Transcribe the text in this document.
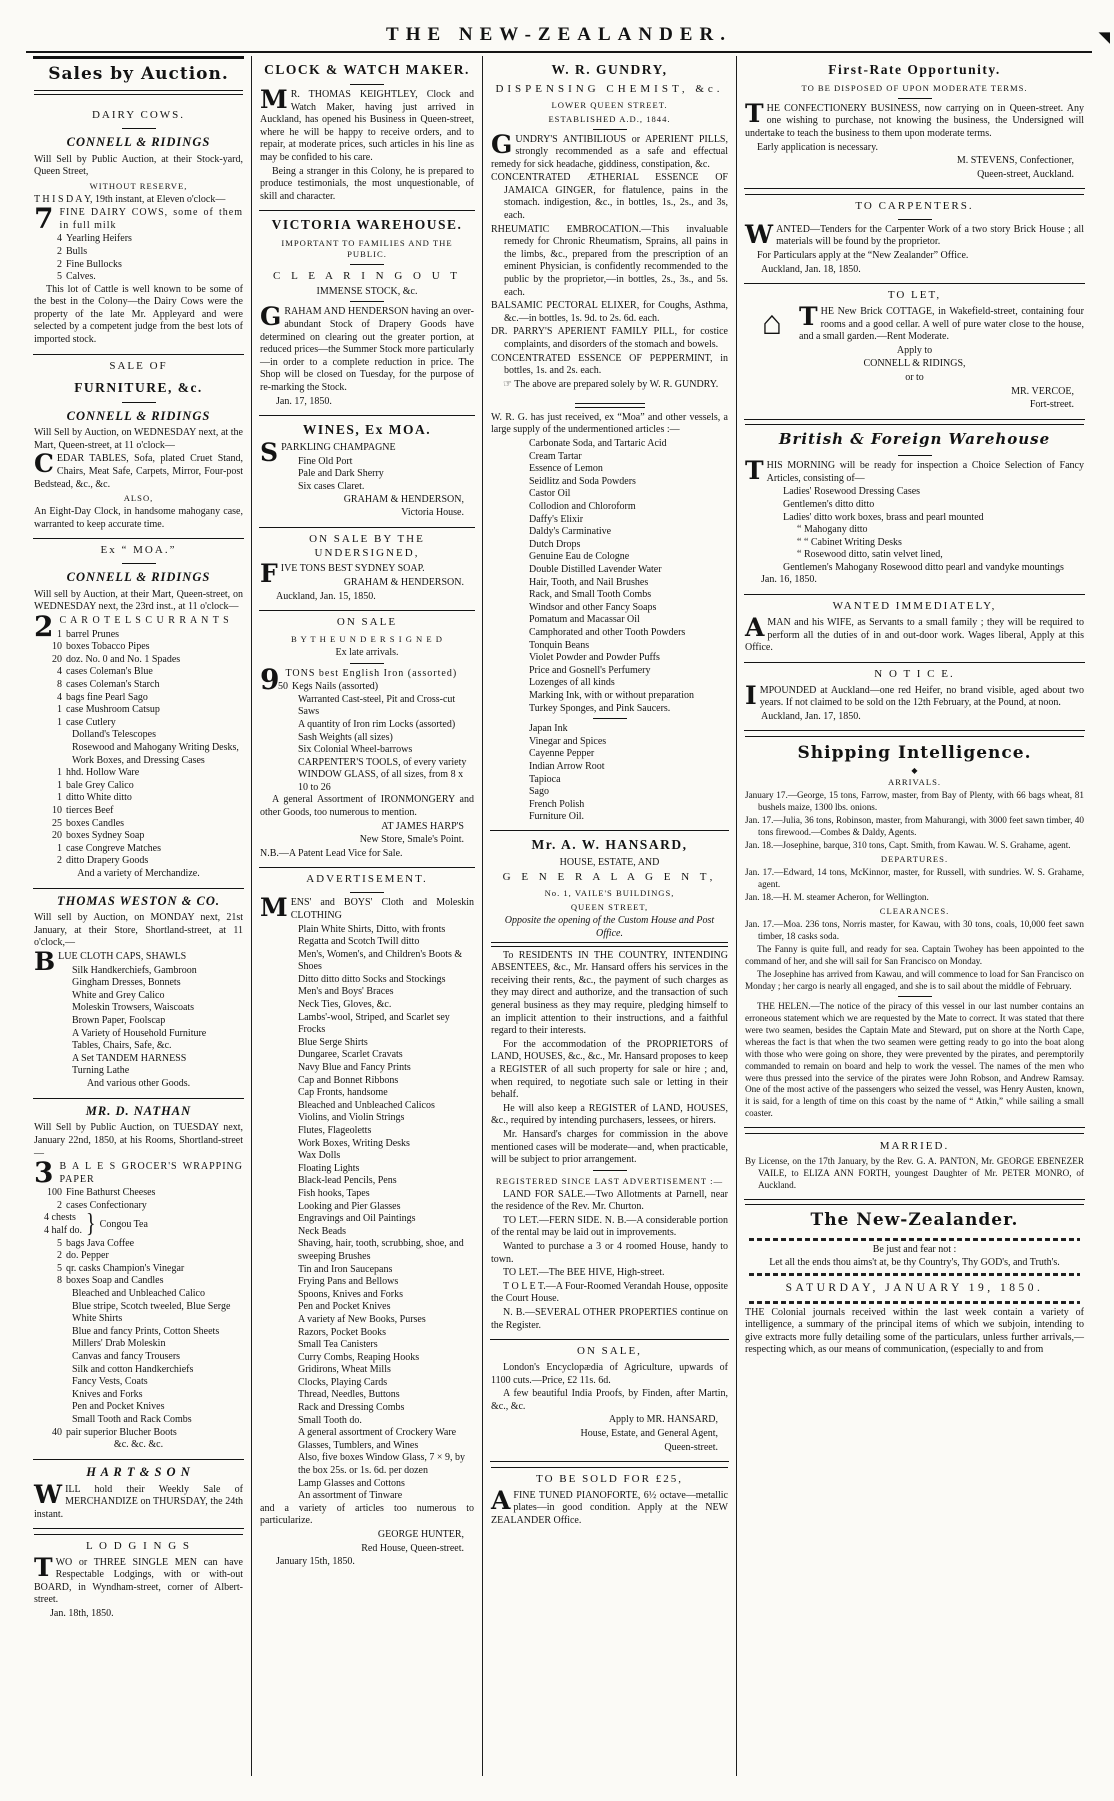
◥
THE NEW-ZEALANDER.
Sales by Auction.
DAIRY COWS.
CONNELL & RIDINGS

Will Sell by Public Auction, at their Stock-yard, Queen Street,

WITHOUT RESERVE,

T H I S D A Y, 19th instant, at Eleven o'clock—

7 FINE DAIRY COWS, some of them in full milk

4 Yearling Heifers
2 Bulls
2 Fine Bullocks
5 Calves.

This lot of Cattle is well known to be some of the best in the Colony—the Dairy Cows were the property of the late Mr. Appleyard and were selected by a competent judge from the best lots of imported stock.

SALE OF
FURNITURE, &c.
CONNELL & RIDINGS

Will Sell by Auction, on WEDNESDAY next, at the Mart, Queen-street, at 11 o'clock—

CEDAR TABLES, Sofa, plated Cruet Stand, Chairs, Meat Safe, Carpets, Mirror, Four-post Bedstead, &c., &c.

ALSO,

An Eight-Day Clock, in handsome mahogany case, warranted to keep accurate time.

Ex “ MOA.”
CONNELL & RIDINGS

Will sell by Auction, at their Mart, Queen-street, on WEDNESDAY next, the 23rd inst., at 11 o'clock—

2 C A R O T E L S C U R R A N T S

1 barrel Prunes
10 boxes Tobacco Pipes
20 doz. No. 0 and No. 1 Spades
4 cases Coleman's Blue
8 cases Coleman's Starch
4 bags fine Pearl Sago
1 case Mushroom Catsup
1 case Cutlery
Dolland's Telescopes
Rosewood and Mahogany Writing Desks, Work Boxes, and Dressing Cases
1 hhd. Hollow Ware
1 bale Grey Calico
1 ditto White ditto
10 tierces Beef
25 boxes Candles
20 boxes Sydney Soap
1 case Congreve Matches
2 ditto Drapery Goods
And a variety of Merchandize.
THOMAS WESTON & CO.

Will sell by Auction, on MONDAY next, 21st January, at their Store, Shortland-street, at 11 o'clock,—

BLUE CLOTH CAPS, SHAWLS

Silk Handkerchiefs, Gambroon
Gingham Dresses, Bonnets
White and Grey Calico
Moleskin Trowsers, Waiscoats
Brown Paper, Foolscap
A Variety of Household Furniture
Tables, Chairs, Safe, &c.
A Set TANDEM HARNESS
Turning Lathe
And various other Goods.
MR. D. NATHAN

Will Sell by Public Auction, on TUESDAY next, January 22nd, 1850, at his Rooms, Shortland-street—

3 B A L E S GROCER'S WRAPPING PAPER

100 Fine Bathurst Cheeses
2 cases Confectionary
4 chests
4 half do. } Congou Tea
5 bags Java Coffee
2 do. Pepper
5 qr. casks Champion's Vinegar
8 boxes Soap and Candles
Bleached and Unbleached Calico
Blue stripe, Scotch tweeled, Blue Serge White Shirts
Blue and fancy Prints, Cotton Sheets
Millers' Drab Moleskin
Canvas and fancy Trousers
Silk and cotton Handkerchiefs
Fancy Vests, Coats
Knives and Forks
Pen and Pocket Knives
Small Tooth and Rack Combs
40 pair superior Blucher Boots
&c. &c. &c.
H A R T & S O N

WILL hold their Weekly Sale of MERCHANDIZE on THURSDAY, the 24th instant.

L O D G I N G S

TWO or THREE SINGLE MEN can have Respectable Lodgings, with or with-out BOARD, in Wyndham-street, corner of Albert-street.

Jan. 18th, 1850.
CLOCK & WATCH MAKER.

M R. THOMAS KEIGHTLEY, Clock and Watch Maker, having just arrived in Auckland, has opened his Business in Queen-street, where he will be happy to receive orders, and to repair, at moderate prices, such articles in his line as may be confided to his care.

Being a stranger in this Colony, he is prepared to produce testimonials, the most unquestionable, of skill and character.

VICTORIA WAREHOUSE.
IMPORTANT TO FAMILIES AND THE PUBLIC.
C L E A R I N G O U T
IMMENSE STOCK, &c.

GRAHAM AND HENDERSON having an over-abundant Stock of Drapery Goods have determined on clearing out the greater portion, at reduced prices—the Summer Stock more particularly—in order to a complete reduction in price. The Shop will be closed on Tuesday, for the purpose of re-marking the Stock.

Jan. 17, 1850.
WINES, Ex MOA.

SPARKLING CHAMPAGNE

Fine Old Port
Pale and Dark Sherry
Six cases Claret.
GRAHAM & HENDERSON,
Victoria House.
ON SALE BY THE UNDERSIGNED,

FIVE TONS BEST SYDNEY SOAP.

GRAHAM & HENDERSON.
Auckland, Jan. 15, 1850.
ON SALE
B Y T H E U N D E R S I G N E D
Ex late arrivals.

9 TONS best English Iron (assorted)

50 Kegs Nails (assorted)
Warranted Cast-steel, Pit and Cross-cut Saws
A quantity of Iron rim Locks (assorted)
Sash Weights (all sizes)
Six Colonial Wheel-barrows
CARPENTER'S TOOLS, of every variety
WINDOW GLASS, of all sizes, from 8 x 10 to 26

A general Assortment of IRONMONGERY and other Goods, too numerous to mention.

AT JAMES HARP'S
New Store, Smale's Point.

N.B.—A Patent Lead Vice for Sale.

ADVERTISEMENT.

MENS' and BOYS' Cloth and Moleskin CLOTHING

Plain White Shirts, Ditto, with fronts
Regatta and Scotch Twill ditto
Men's, Women's, and Children's Boots & Shoes
Ditto ditto ditto Socks and Stockings
Men's and Boys' Braces
Neck Ties, Gloves, &c.
Lambs'-wool, Striped, and Scarlet sey Frocks
Blue Serge Shirts
Dungaree, Scarlet Cravats
Navy Blue and Fancy Prints
Cap and Bonnet Ribbons
Cap Fronts, handsome
Bleached and Unbleached Calicos
Violins, and Violin Strings
Flutes, Flageoletts
Work Boxes, Writing Desks
Wax Dolls
Floating Lights
Black-lead Pencils, Pens
Fish hooks, Tapes
Looking and Pier Glasses
Engravings and Oil Paintings
Neck Beads
Shaving, hair, tooth, scrubbing, shoe, and sweeping Brushes
Tin and Iron Saucepans
Frying Pans and Bellows
Spoons, Knives and Forks
Pen and Pocket Knives
A variety af New Books, Purses
Razors, Pocket Books
Small Tea Canisters
Curry Combs, Reaping Hooks
Gridirons, Wheat Mills
Clocks, Playing Cards
Thread, Needles, Buttons
Rack and Dressing Combs
Small Tooth do.
A general assortment of Crockery Ware
Glasses, Tumblers, and Wines
Also, five boxes Window Glass, 7 × 9, by the box 25s. or 1s. 6d. per dozen
Lamp Glasses and Cottons
An assortment of Tinware

and a variety of articles too numerous to particularize.

GEORGE HUNTER,
Red House, Queen-street.
January 15th, 1850.
W. R. GUNDRY,
DISPENSING CHEMIST, &c.
LOWER QUEEN STREET.
ESTABLISHED A.D., 1844.

GUNDRY'S ANTIBILIOUS or APERIENT PILLS, strongly recommended as a safe and effectual remedy for sick headache, giddiness, constipation, &c.

CONCENTRATED ÆTHERIAL ESSENCE OF JAMAICA GINGER, for flatulence, pains in the stomach. indigestion, &c., in bottles, 1s., 2s., and 3s, each.

RHEUMATIC EMBROCATION.—This invaluable remedy for Chronic Rheumatism, Sprains, all pains in the limbs, &c., prepared from the prescription of an eminent Physician, is confidently recommended to the public by the proprietor,—in bottles, 2s., 3s., and 5s. each.

BALSAMIC PECTORAL ELIXER, for Coughs, Asthma, &c.—in bottles, 1s. 9d. to 2s. 6d. each.

DR. PARRY'S APERIENT FAMILY PILL, for costice complaints, and disorders of the stomach and bowels.

CONCENTRATED ESSENCE OF PEPPERMINT, in bottles, 1s. and 2s. each.

☞ The above are prepared solely by W. R. GUNDRY.

W. R. G. has just received, ex “Moa” and other vessels, a large supply of the undermentioned articles :—

Carbonate Soda, and Tartaric Acid
Cream Tartar
Essence of Lemon
Seidlitz and Soda Powders
Castor Oil
Collodion and Chloroform
Daffy's Elixir
Daldy's Carminative
Dutch Drops
Genuine Eau de Cologne
Double Distilled Lavender Water
Hair, Tooth, and Nail Brushes
Rack, and Small Tooth Combs
Windsor and other Fancy Soaps
Pomatum and Macassar Oil
Camphorated and other Tooth Powders
Tonquin Beans
Violet Powder and Powder Puffs
Price and Gosnell's Perfumery
Lozenges of all kinds
Marking Ink, with or without preparation
Turkey Sponges, and Pink Saucers.
Japan Ink
Vinegar and Spices
Cayenne Pepper
Indian Arrow Root
Tapioca
Sago
French Polish
Furniture Oil.
Mr. A. W. HANSARD,
HOUSE, ESTATE, AND
G E N E R A L A G E N T,
No. 1, VAILE'S BUILDINGS,
QUEEN STREET,
Opposite the opening of the Custom House and Post Office.

To RESIDENTS IN THE COUNTRY, INTENDING ABSENTEES, &c., Mr. Hansard offers his services in the receiving their rents, &c., the payment of such charges as they may direct and authorize, and the transaction of such general business as they may require, pledging himself to an implicit attention to their instructions, and a faithful regard to their interests.

For the accommodation of the PROPRIETORS of LAND, HOUSES, &c., &c., Mr. Hansard proposes to keep a REGISTER of all such property for sale or hire ; and, when required, to negotiate such sale or letting in their behalf.

He will also keep a REGISTER of LAND, HOUSES, &c., required by intending purchasers, lessees, or hirers.

Mr. Hansard's charges for commission in the above mentioned cases will be moderate—and, when practicable, will be subject to prior arrangement.

REGISTERED SINCE LAST ADVERTISEMENT :—

LAND FOR SALE.—Two Allotments at Parnell, near the residence of the Rev. Mr. Churton.

TO LET.—FERN SIDE. N. B.—A considerable portion of the rental may be laid out in improvements.

Wanted to purchase a 3 or 4 roomed House, handy to town.

TO LET.—The BEE HIVE, High-street.

T O L E T.—A Four-Roomed Verandah House, opposite the Court House.

N. B.—SEVERAL OTHER PROPERTIES continue on the Register.

ON SALE,

London's Encyclopædia of Agriculture, upwards of 1100 cuts.—Price, £2 11s. 6d.

A few beautiful India Proofs, by Finden, after Martin, &c., &c.

Apply to MR. HANSARD,
House, Estate, and General Agent,
Queen-street.
TO BE SOLD FOR £25,

AFINE TUNED PIANOFORTE, 6½ octave—metallic plates—in good condition. Apply at the NEW ZEALANDER Office.

First-Rate Opportunity.
TO BE DISPOSED OF UPON MODERATE TERMS.

THE CONFECTIONERY BUSINESS, now carrying on in Queen-street. Any one wishing to purchase, not knowing the business, the Undersigned will undertake to teach the business to them upon moderate terms.

Early application is necessary.

M. STEVENS, Confectioner,
Queen-street, Auckland.
TO CARPENTERS.

WANTED—Tenders for the Carpenter Work of a two story Brick House ; all materials will be found by the proprietor.

For Particulars apply at the “New Zealander” Office.

Auckland, Jan. 18, 1850.
TO LET,
⌂ THE New Brick COTTAGE, in Wakefield-street, containing four rooms and a good cellar. A well of pure water close to the house, and a small garden.—Rent Moderate.

Apply to
CONNELL & RIDINGS,
or to
MR. VERCOE,
Fort-street.
British & Foreign Warehouse

THIS MORNING will be ready for inspection a Choice Selection of Fancy Articles, consisting of—

Ladies' Rosewood Dressing Cases
Gentlemen's ditto ditto
Ladies' ditto work boxes, brass and pearl mounted
“ Mahogany ditto
“ “ Cabinet Writing Desks
“ Rosewood ditto, satin velvet lined,
Gentlemen's Mahogany Rosewood ditto pearl and vandyke mountings
Jan. 16, 1850.
WANTED IMMEDIATELY,

AMAN and his WIFE, as Servants to a small family ; they will be required to perform all the duties of in and out-door work. Wages liberal, Apply at this Office.

N O T I C E.

IMPOUNDED at Auckland—one red Heifer, no brand visible, aged about two years. If not claimed to be sold on the 12th February, at the Pound, at noon.

Auckland, Jan. 17, 1850.
Shipping Intelligence.
◆
ARRIVALS.

January 17.—George, 15 tons, Farrow, master, from Bay of Plenty, with 66 bags wheat, 81 bushels maize, 1300 lbs. onions.

Jan. 17.—Julia, 36 tons, Robinson, master, from Mahurangi, with 3000 feet sawn timber, 40 tons firewood.—Combes & Daldy, Agents.

Jan. 18.—Josephine, barque, 310 tons, Capt. Smith, from Kawau. W. S. Grahame, agent.

DEPARTURES.

Jan. 17.—Edward, 14 tons, McKinnor, master, for Russell, with sundries. W. S. Grahame, agent.

Jan. 18.—H. M. steamer Acheron, for Wellington.

CLEARANCES.

Jan. 17.—Moa. 236 tons, Norris master, for Kawau, with 30 tons, coals, 10,000 feet sawn timber, 18 casks soda.

The Fanny is quite full, and ready for sea. Captain Twohey has been appointed to the command of her, and she will sail for San Francisco on Monday.

The Josephine has arrived from Kawau, and will commence to load for San Francisco on Monday ; her cargo is nearly all engaged, and she is to sail about the middle of February.

THE HELEN.—The notice of the piracy of this vessel in our last number contains an erroneous statement which we are requested by the Mate to correct. It was stated that there were two seamen, besides the Captain Mate and Steward, put on shore at the North Cape, whereas the fact is that when the two seamen were getting ready to go into the boat along with those who were going on shore, they were prevented by the pirates, and peremptorily commanded to remain on board and help to work the vessel. The names of the men who were thus pressed into the service of the pirates were John Robson, and Andrew Ramsay. One of the most active of the passengers who seized the vessel, was Henry Austen, known, it is said, for a length of time on this coast by the name of “ Atkin,” while sailing a small coaster.

MARRIED.

By License, on the 17th January, by the Rev. G. A. PANTON, Mr. GEORGE EBENEZER VAILE, to ELIZA ANN FORTH, youngest Daughter of Mr. PETER MONRO, of Auckland.

The New-Zealander.
Be just and fear not :
Let all the ends thou aims't at, be thy Country's, Thy GOD's, and Truth's.
SATURDAY, JANUARY 19, 1850.

THE Colonial journals received within the last week contain a variety of intelligence, a summary of the principal items of which we subjoin, intending to give extracts more fully detailing some of the particulars, unless further arrivals,—respecting which, as our means of communication, (especially to and from
